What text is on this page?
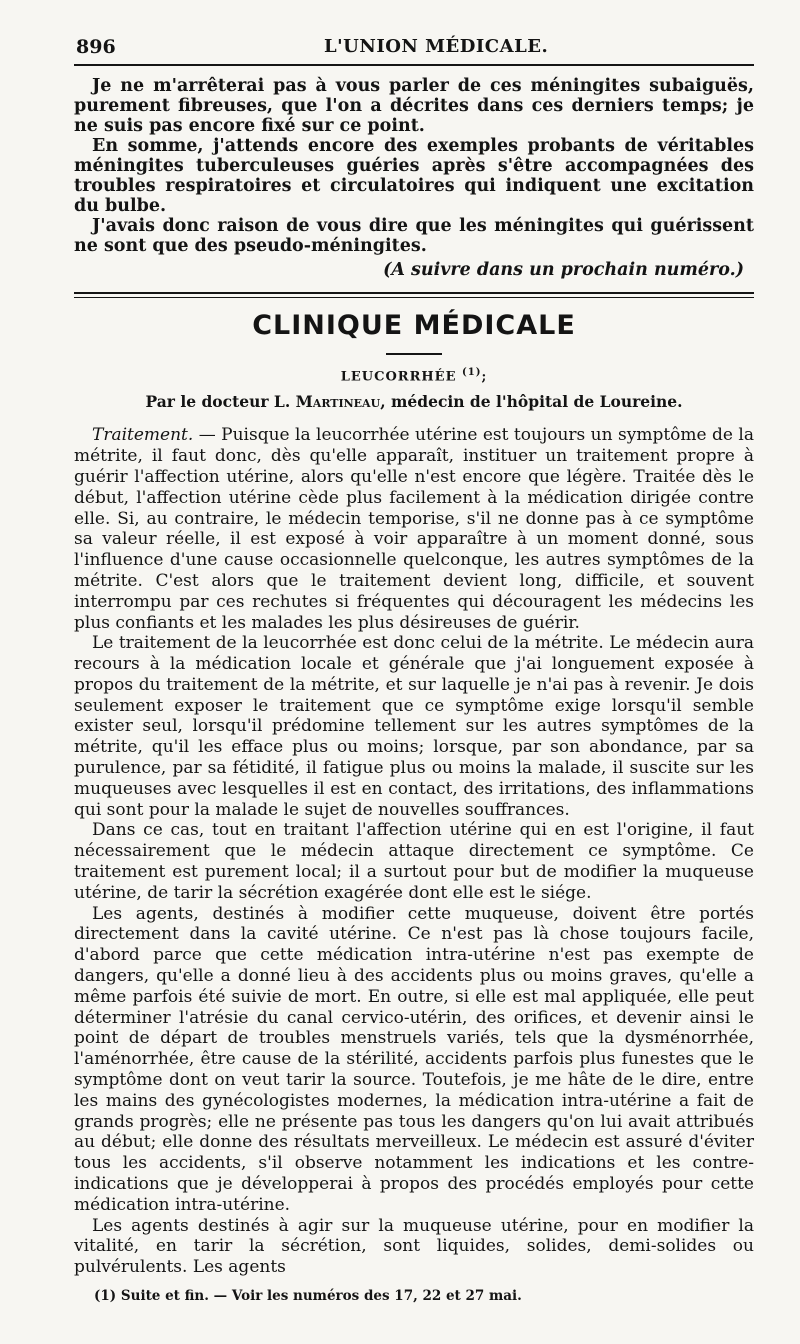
896	L'UNION MÉDICALE.

Je ne m'arrêterai pas à vous parler de ces méningites subaiguës, purement fibreuses, que l'on a décrites dans ces derniers temps; je ne suis pas encore fixé sur ce point.

En somme, j'attends encore des exemples probants de véritables méningites tuberculeuses guéries après s'être accompagnées des troubles respiratoires et circulatoires qui indiquent une excitation du bulbe.

J'avais donc raison de vous dire que les méningites qui guérissent ne sont que des pseudo-méningites.

(A suivre dans un prochain numéro.)

CLINIQUE MÉDICALE
LEUCORRHÉE $^{(1)}$;
Par le docteur L. Martineau, médecin de l'hôpital de Loureine.

Traitement. — Puisque la leucorrhée utérine est toujours un symptôme de la métrite, il faut donc, dès qu'elle apparaît, instituer un traitement propre à guérir l'affection utérine, alors qu'elle n'est encore que légère. Traitée dès le début, l'affection utérine cède plus facilement à la médication dirigée contre elle. Si, au contraire, le médecin temporise, s'il ne donne pas à ce symptôme sa valeur réelle, il est exposé à voir apparaître à un moment donné, sous l'influence d'une cause occasionnelle quelconque, les autres symptômes de la métrite. C'est alors que le traitement devient long, difficile, et souvent interrompu par ces rechutes si fréquentes qui découragent les médecins les plus confiants et les malades les plus désireuses de guérir.

Le traitement de la leucorrhée est donc celui de la métrite. Le médecin aura recours à la médication locale et générale que j'ai longuement exposée à propos du traitement de la métrite, et sur laquelle je n'ai pas à revenir. Je dois seulement exposer le traitement que ce symptôme exige lorsqu'il semble exister seul, lorsqu'il prédomine tellement sur les autres symptômes de la métrite, qu'il les efface plus ou moins; lorsque, par son abondance, par sa purulence, par sa fétidité, il fatigue plus ou moins la malade, il suscite sur les muqueuses avec lesquelles il est en contact, des irritations, des inflammations qui sont pour la malade le sujet de nouvelles souffrances.

Dans ce cas, tout en traitant l'affection utérine qui en est l'origine, il faut nécessairement que le médecin attaque directement ce symptôme. Ce traitement est purement local; il a surtout pour but de modifier la muqueuse utérine, de tarir la sécrétion exagérée dont elle est le siége.

Les agents, destinés à modifier cette muqueuse, doivent être portés directement dans la cavité utérine. Ce n'est pas là chose toujours facile, d'abord parce que cette médication intra-utérine n'est pas exempte de dangers, qu'elle a donné lieu à des accidents plus ou moins graves, qu'elle a même parfois été suivie de mort. En outre, si elle est mal appliquée, elle peut déterminer l'atrésie du canal cervico-utérin, des orifices, et devenir ainsi le point de départ de troubles menstruels variés, tels que la dysménorrhée, l'aménorrhée, être cause de la stérilité, accidents parfois plus funestes que le symptôme dont on veut tarir la source. Toutefois, je me hâte de le dire, entre les mains des gynécologistes modernes, la médication intra-utérine a fait de grands progrès; elle ne présente pas tous les dangers qu'on lui avait attribués au début; elle donne des résultats merveilleux. Le médecin est assuré d'éviter tous les accidents, s'il observe notamment les indications et les contre-indications que je développerai à propos des procédés employés pour cette médication intra-utérine.

Les agents destinés à agir sur la muqueuse utérine, pour en modifier la vitalité, en tarir la sécrétion, sont liquides, solides, demi-solides ou pulvérulents. Les agents

(1) Suite et fin. — Voir les numéros des 17, 22 et 27 mai.
